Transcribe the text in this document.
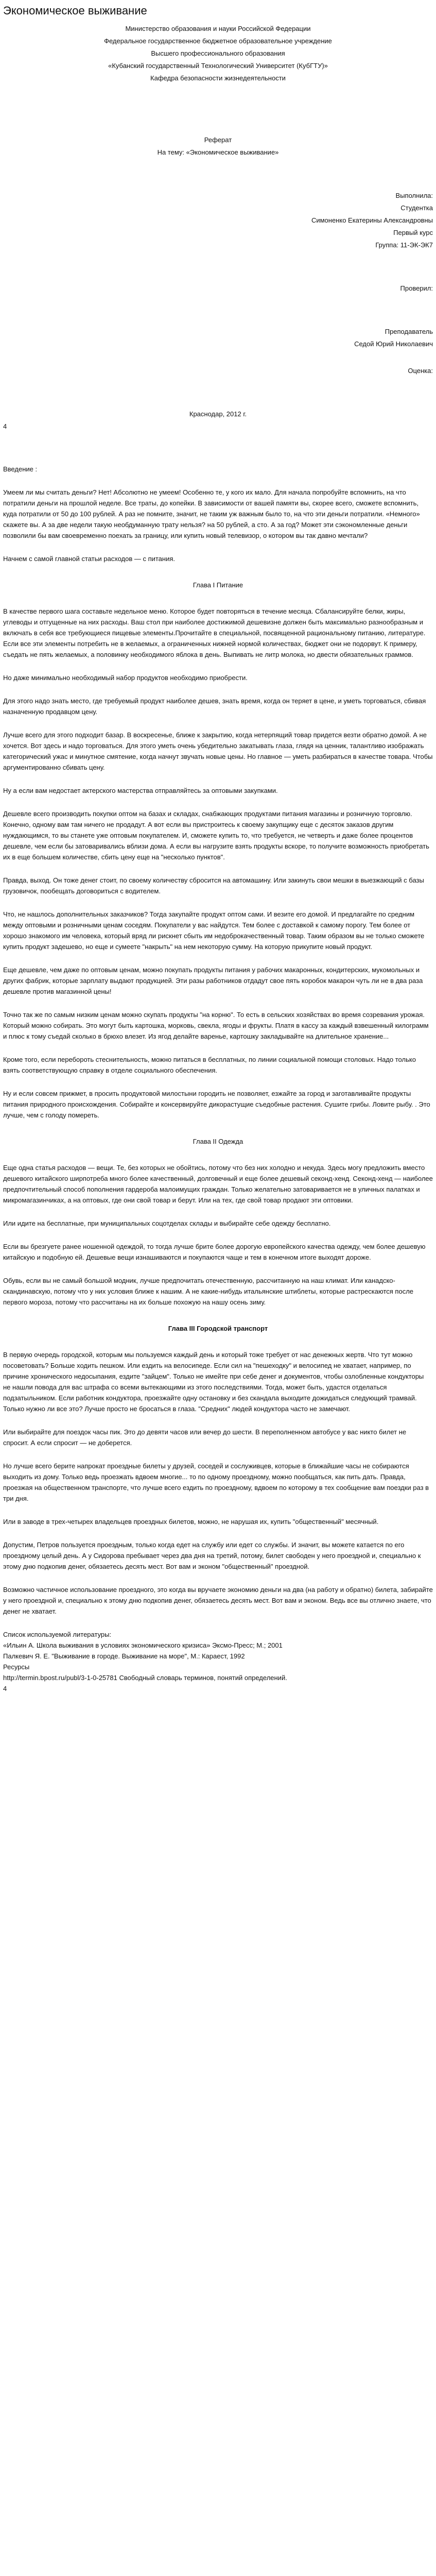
Экономическое выживание

Министерство образования и науки Российской Федерации

Федеральное государственное бюджетное образовательное учреждение

Высшего профессионального образования

«Кубанский государственный Технологический Университет (КубГТУ)»

Кафедра безопасности жизнедеятельности

Реферат

На тему: «Экономическое выживание»

Выполнила:

Студентка

Симоненко Екатерины Александровны

Первый курс

Группа: 11-ЭК-ЭК7

Проверил:

Преподаватель

Седой Юрий Николаевич

Оценка:

Краснодар, 2012 г.

4

Введение :

Умеем ли мы считать деньги? Нет! Абсолютно не умеем! Особенно те, у кого их мало. Для начала попробуйте вспомнить, на что потратили деньги на прошлой неделе. Все траты, до копейки. В зависимости от вашей памяти вы, скорее всего, сможете вспомнить, куда потратили от 50 до 100 рублей. А раз не помните, значит, не таким уж важным было то, на что эти деньги потратили. «Немного» скажете вы. А за две недели такую необдуманную трату нельзя? на 50 рублей, а сто. А за год? Может эти сэкономленные деньги позволили бы вам своевременно поехать за границу, или купить новый телевизор, о котором вы так давно мечтали?

Начнем с самой главной статьи расходов — с питания.

Глава I Питание

В качестве первого шага составьте недельное меню. Которое будет повторяться в течение месяца. Сбалансируйте белки, жиры, углеводы и отгущенные на них расходы. Ваш стол при наиболее достижимой дешевизне должен быть максимально разнообразным и включать в себя все требующиеся пищевые элементы.Прочитайте в специальной, посвященной рациональному питанию, литературе. Если все эти элементы потребить не в желаемых, а ограниченных нижней нормой количествах, бюджет они не подорвут. К примеру, съедать не пять желаемых, а половинку необходимого яблока в день. Выпивать не литр молока, но двести обязательных граммов.

Но даже минимально необходимый набор продуктов необходимо приобрести.

Для этого надо знать место, где требуемый продукт наиболее дешев, знать время, когда он теряет в цене, и уметь торговаться, сбивая назначенную продавцом цену.

Лучше всего для этого подходит базар. В воскресенье, ближе к закрытию, когда нетерпящий товар придется везти обратно домой. А не хочется. Вот здесь и надо торговаться. Для этого уметь очень убедительно закатывать глаза, глядя на ценник, талантливо изображать категорический ужас и минутное смятение, когда начнут звучать новые цены. Но главное — уметь разбираться в качестве товара. Чтобы аргументированно сбивать цену.

Ну а если вам недостает актерского мастерства отправляйтесь за оптовыми закупками.

Дешевле всего производить покупки оптом на базах и складах, снабжающих продуктами питания магазины и розничную торговлю. Конечно, одному вам там ничего не продадут. А вот если вы пристроитесь к своему закупщику еще с десяток заказов другим нуждающимся, то вы станете уже оптовым покупателем. И, сможете купить то, что требуется, не четверть и даже более процентов дешевле, чем если бы затоваривались вблизи дома. А если вы нагрузите взять продукты вскоре, то получите возможность приобретать их в еще большем количестве, сбить цену еще на "несколько пунктов".

Правда, выход. Он тоже денег стоит, по своему количеству сбросится на автомашину. Или закинуть свои мешки в выезжающий с базы грузовичок, пообещать договориться с водителем.

Что, не нашлось дополнительных заказчиков? Тогда закупайте продукт оптом сами. И везите его домой. И предлагайте по средним между оптовыми и розничными ценам соседям. Покупатели у вас найдутся. Тем более с доставкой к самому порогу. Тем более от хорошо знакомого им человека, который вряд ли рискнет сбыть им недоброкачественный товар. Таким образом вы не только сможете купить продукт задешево, но еще и сумеете "накрыть" на нем некоторую сумму. На которую прикупите новый продукт.

Еще дешевле, чем даже по оптовым ценам, можно покупать продукты питания у рабочих макаронных, кондитерских, мукомольных и других фабрик, которые зарплату выдают продукцией. Эти разы работников отдадут свое пять коробок макарон чуть ли не в два раза дешевле против магазинной цены!

Точно так же по самым низким ценам можно скупать продукты "на корню". То есть в сельских хозяйствах во время созревания урожая. Который можно собирать. Это могут быть картошка, морковь, свекла, ягоды и фрукты. Платя в кассу за каждый взвешенный килограмм и плюс к тому съедай сколько в брюхо влезет. Из ягод делайте варенье, картошку закладывайте на длительное хранение...

Кроме того, если перебороть стеснительность, можно питаться в бесплатных, по линии социальной помощи столовых. Надо только взять соответствующую справку в отделе социального обеспечения.

Ну и если совсем прижмет, в просить продуктовой милостыни городить не позволяет, езжайте за город и заготавливайте продукты питания природного происхождения. Собирайте и консервируйте дикорастущие съедобные растения. Сушите грибы. Ловите рыбу. . Это лучше, чем с голоду помереть.

Глава II Одежда

Еще одна статья расходов — вещи. Те, без которых не обойтись, потому что без них холодно и некуда. Здесь могу предложить вместо дешевого китайского ширпотреба много более качественный, долговечный и еще более дешевый секонд-хенд. Секонд-хенд — наиболее предпочтительный способ пополнения гардероба малоимущих граждан. Только желательно затоваривается не в уличных палатках и микромагазинчиках, а на оптовых, где они свой товар и берут. Или на тех, где свой товар продают эти оптовики.

Или идите на бесплатные, при муниципальных соцотделах склады и выбирайте себе одежду бесплатно.

Если вы брезгуете ранее ношенной одеждой, то тогда лучше брите более дорогую европейского качества одежду, чем более дешевую китайскую и подобную ей. Дешевые вещи изнашиваются и покупаются чаще и тем в конечном итоге выходят дороже.

Обувь, если вы не самый большой модник, лучше предпочитать отечественную, рассчитанную на наш климат. Или канадско-скандинавскую, потому что у них условия ближе к нашим. А не какие-нибудь итальянские штиблеты, которые растрескаются после первого мороза, потому что рассчитаны на их больше похожую на нашу осень зиму.

Глава III Городской транспорт

В первую очередь городской, которым мы пользуемся каждый день и который тоже требует от нас денежных жертв. Что тут можно посоветовать? Больше ходить пешком. Или ездить на велосипеде. Если сил на "пешеходку" и велосипед не хватает, например, по причине хронического недосыпания, ездите "зайцем". Только не имейте при себе денег и документов, чтобы озлобленные кондукторы не нашли повода для вас штрафа со всеми вытекающими из этого последствиями. Тогда, может быть, удастся отделаться подзатыльником. Если работник кондуктора, проезжайте одну остановку и без скандала выходите дожидаться следующий трамвай. Только нужно ли все это? Лучше просто не бросаться в глаза. "Средних" людей кондуктора часто не замечают.

Или выбирайте для поездок часы пик. Это до девяти часов или вечер до шести. В переполненном автобусе у вас никто билет не спросит. А если спросит — не доберется.

Но лучше всего берите напрокат проездные билеты у друзей, соседей и сослуживцев, которые в ближайшие часы не собираются выходить из дому. Только ведь проезжать вдвоем многие... то по одному проездному, можно пообщаться, как пить дать. Правда, проезжая на общественном транспорте, что лучше всего ездить по проездному, вдвоем по которому в тех сообщение вам поездки раз в три дня.

Или в заводе в трех-четырех владельцев проездных билетов, можно, не нарушая их, купить "общественный" месячный.

Допустим, Петров пользуется проездным, только когда едет на службу или едет со службы. И значит, вы можете катается по его проездному целый день. А у Сидорова пребывает через два дня на третий, потому, билет свободен у него проездной и, специально к этому дню подкопив денег, обязаетесь десять мест. Вот вам и эконом "общественный" проездной.

Возможно частичное использование проездного, это когда вы вручаете экономию деньги на два (на работу и обратно) билета, забирайте у него проездной и, специально к этому дню подкопив денег, обязаетесь десять мест. Вот вам и эконом. Ведь все вы отлично знаете, что денег не хватает.

Список используемой литературы:

«Ильин А. Школа выживания в условиях экономического кризиса» Эксмо-Пресс; М.; 2001

Палкевич Я. Е. "Выживание в городе. Выживание на море", М.: Караест, 1992

Ресурсы

http://termin.bpost.ru/publ/3-1-0-25781 Свободный словарь терминов, понятий определений.

4
